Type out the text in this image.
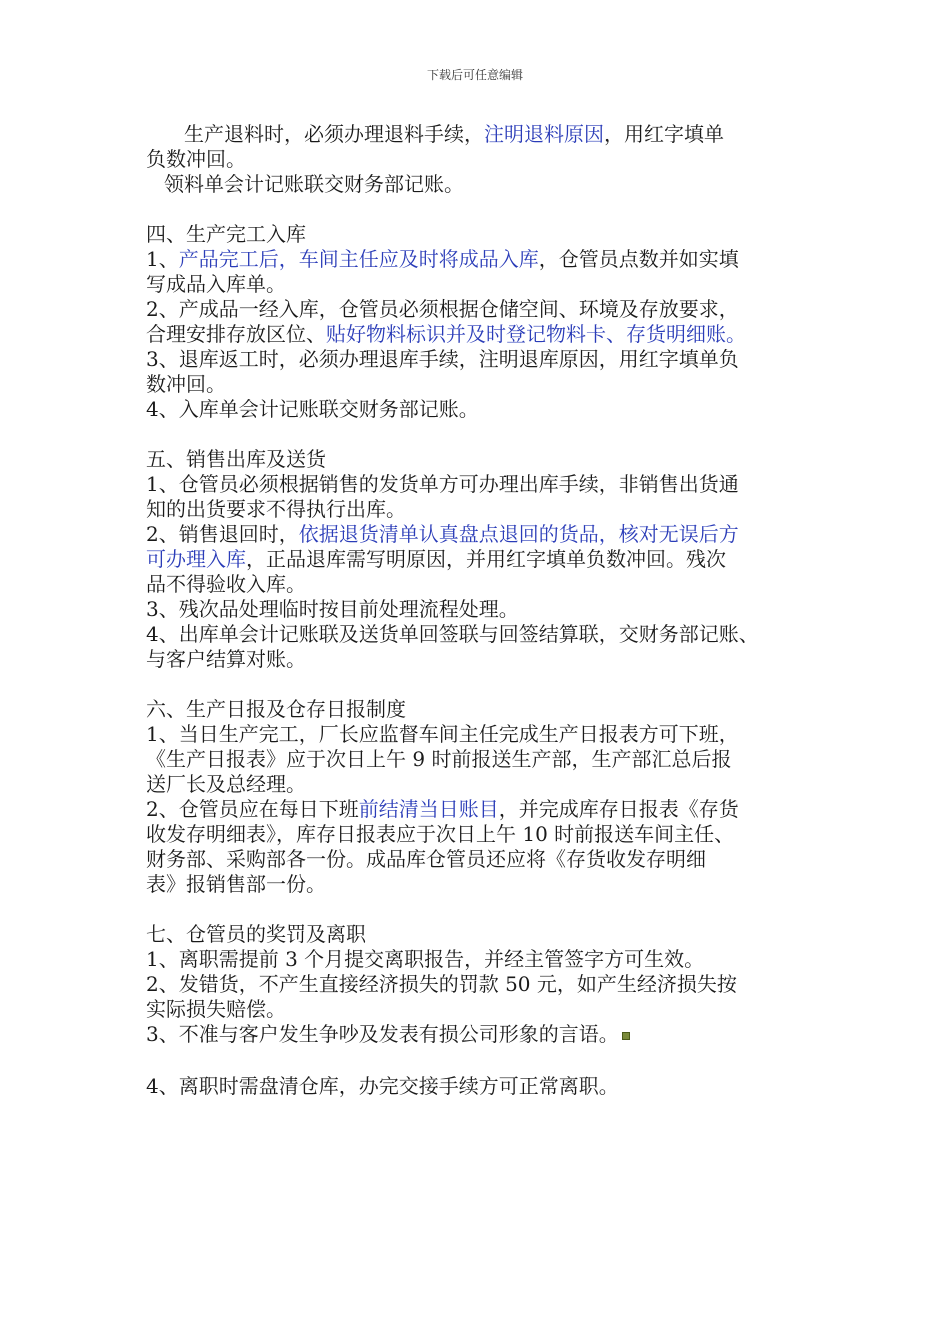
下载后可任意编辑

生产退料时，必须办理退料手续，注明退料原因，用红字填单

负数冲回。

领料单会计记账联交财务部记账。

四、生产完工入库

1、产品完工后，车间主任应及时将成品入库，仓管员点数并如实填

写成品入库单。

2、产成品一经入库，仓管员必须根据仓储空间、环境及存放要求，

合理安排存放区位、贴好物料标识并及时登记物料卡、存货明细账。

3、退库返工时，必须办理退库手续，注明退库原因，用红字填单负

数冲回。

4、入库单会计记账联交财务部记账。

五、销售出库及送货

1、仓管员必须根据销售的发货单方可办理出库手续，非销售出货通

知的出货要求不得执行出库。

2、销售退回时，依据退货清单认真盘点退回的货品，核对无误后方

可办理入库，正品退库需写明原因，并用红字填单负数冲回。残次

品不得验收入库。

3、残次品处理临时按目前处理流程处理。

4、出库单会计记账联及送货单回签联与回签结算联，交财务部记账、

与客户结算对账。

六、生产日报及仓存日报制度

1、当日生产完工，厂长应监督车间主任完成生产日报表方可下班，

《生产日报表》应于次日上午 9 时前报送生产部，生产部汇总后报

送厂长及总经理。

2、仓管员应在每日下班前结清当日账目，并完成库存日报表《存货

收发存明细表》，库存日报表应于次日上午 10 时前报送车间主任、

财务部、采购部各一份。成品库仓管员还应将《存货收发存明细

表》报销售部一份。

七、仓管员的奖罚及离职

1、离职需提前 3 个月提交离职报告，并经主管签字方可生效。

2、发错货，不产生直接经济损失的罚款 50 元，如产生经济损失按

实际损失赔偿。

3、不准与客户发生争吵及发表有损公司形象的言语。

4、离职时需盘清仓库，办完交接手续方可正常离职。
